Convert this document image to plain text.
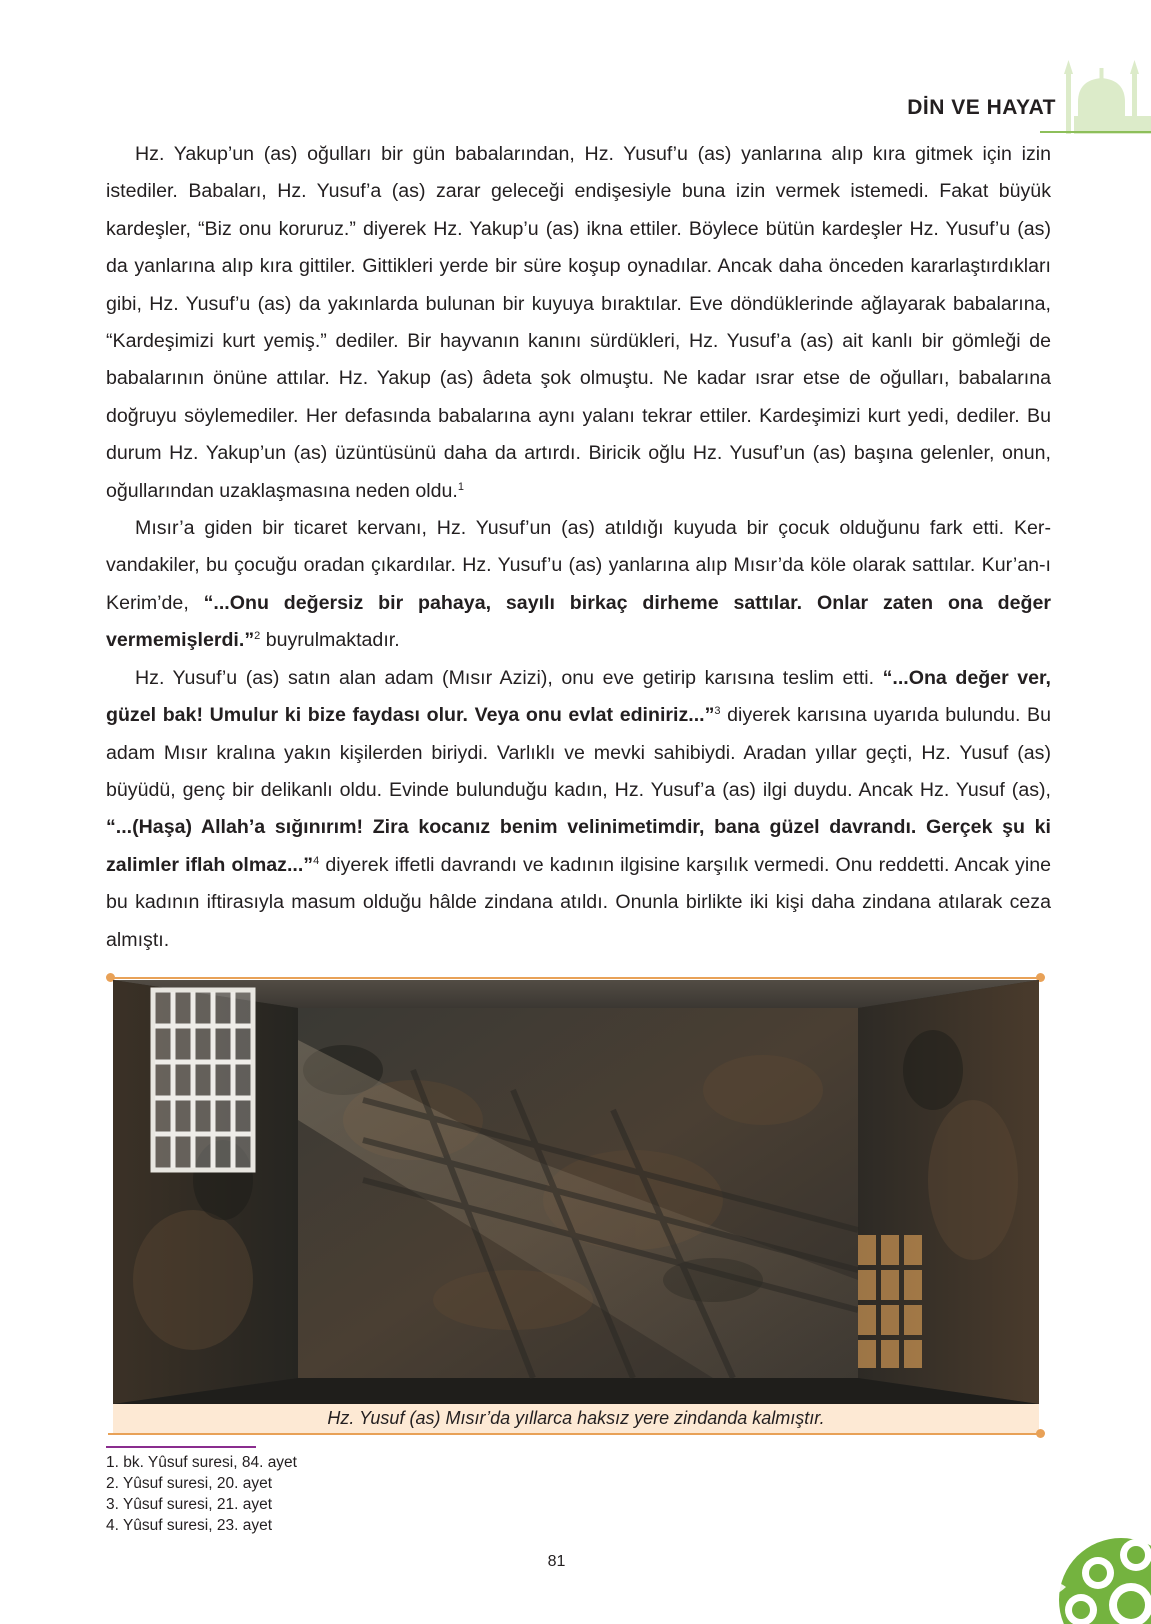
DİN VE HAYAT

Hz. Yakup’un (as) oğulları bir gün babalarından, Hz. Yusuf’u (as) yanlarına alıp kıra gitmek için izin istediler. Babaları, Hz. Yusuf’a (as) zarar geleceği endişesiyle buna izin vermek istemedi. Fakat büyük kardeşler, “Biz onu koruruz.” diyerek Hz. Yakup’u (as) ikna ettiler. Böylece bütün kardeşler Hz. Yusuf’u (as) da yanlarına alıp kıra gittiler. Gittikleri yerde bir süre koşup oynadılar. Ancak daha önceden kararlaştırdıkları gibi, Hz. Yusuf’u (as) da yakınlarda bulunan bir kuyuya bıraktılar. Eve döndüklerinde ağlayarak babalarına, “Kardeşimizi kurt yemiş.” dediler. Bir hayvanın kanını sürdükleri, Hz. Yusuf’a (as) ait kanlı bir gömleği de babalarının önüne attılar. Hz. Yakup (as) âdeta şok olmuştu. Ne kadar ısrar etse de oğulları, babalarına doğruyu söylemediler. Her defasında babalarına aynı yalanı tekrar ettiler. Kardeşimizi kurt yedi, dediler. Bu durum Hz. Yakup’un (as) üzüntüsünü daha da artırdı. Biricik oğlu Hz. Yusuf’un (as) başına gelenler, onun, oğullarından uzaklaşmasına neden oldu.$^1$

Mısır’a giden bir ticaret kervanı, Hz. Yusuf’un (as) atıldığı kuyuda bir çocuk olduğunu fark etti. Kervandakiler, bu çocuğu oradan çıkardılar. Hz. Yusuf’u (as) yanlarına alıp Mısır’da köle olarak sattılar. Kur’an-ı Kerim’de, “...Onu değersiz bir pahaya, sayılı birkaç dirheme sattılar. Onlar zaten ona değer vermemişlerdi.”$^2$ buyrulmaktadır.

Hz. Yusuf’u (as) satın alan adam (Mısır Azizi), onu eve getirip karısına teslim etti. “...Ona değer ver, güzel bak! Umulur ki bize faydası olur. Veya onu evlat ediniriz...”$^3$ diyerek karısına uyarıda bulundu. Bu adam Mısır kralına yakın kişilerden biriydi. Varlıklı ve mevki sahibiydi. Aradan yıllar geçti, Hz. Yusuf (as) büyüdü, genç bir delikanlı oldu. Evinde bulunduğu kadın, Hz. Yusuf’a (as) ilgi duydu. Ancak Hz. Yusuf (as), “...(Haşa) Allah’a sığınırım! Zira kocanız benim velinimetimdir, bana güzel davrandı. Gerçek şu ki zalimler iflah olmaz...”$^4$ diyerek iffetli davrandı ve kadının ilgisine karşılık vermedi. Onu reddetti. Ancak yine bu kadının iftirasıyla masum olduğu hâlde zindana atıldı. Onunla birlikte iki kişi daha zindana atılarak ceza almıştı.

Hz. Yusuf (as) Mısır’da yıllarca haksız yere zindanda kalmıştır.
1. bk. Yûsuf suresi, 84. ayet
2. Yûsuf suresi, 20. ayet
3. Yûsuf suresi, 21. ayet
4. Yûsuf suresi, 23. ayet
81
